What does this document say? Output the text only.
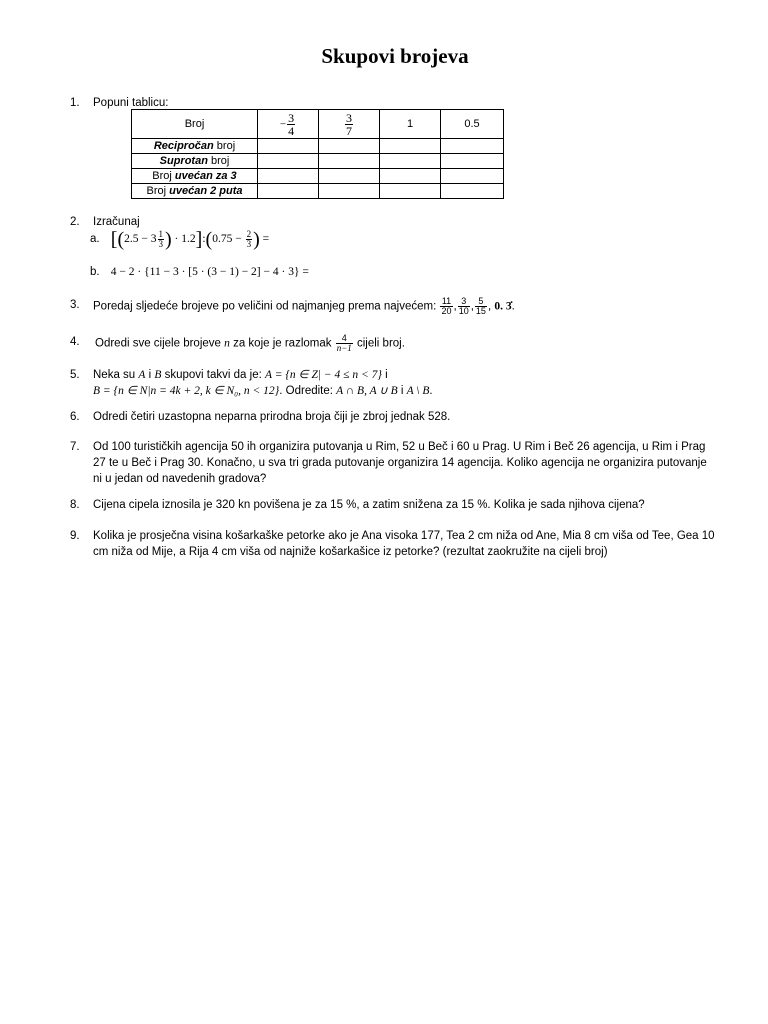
Skupovi brojeva
1. Popuni tablicu:
Broj	− $\frac{3}{4}$	$\frac{3}{7}$	1	0.5
Recipročan broj				
Suprotan broj				
Broj uvećan za 3				
Broj uvećan 2 puta				
2. Izračunaj
a. [($2.5 - 3 \frac{1}{3}$ ) · 1.2]:(0.75 − $\frac{2}{3}$ ) =
b. 4 − 2 · {11 − 3 · [5 · (3 − 1) − 2] − 4 · 3} =
3. Poredaj sljedeće brojeve po veličini od najmanjeg prema najvećem: $\frac{11}{20}$ , $\frac{3}{10}$ , $\frac{5}{15}$ , 0. 3̇.
4. Odredi sve cijele brojeve n za koje je razlomak $\frac{4}{n-1}$ cijeli broj.
5. Neka su A i B skupovi takvi da je: A = {n ∈ Z| − 4 ≤ n < 7} i
B = {n ∈ N|n = 4k + 2, k ∈ N₀, n < 12}. Odredite: A ∩ B, A ∪ B i A \ B.
6. Odredi četiri uzastopna neparna prirodna broja čiji je zbroj jednak 528.
7. Od 100 turističkih agencija 50 ih organizira putovanja u Rim, 52 u Beč i 60 u Prag. U Rim i Beč 26 agencija, u Rim i Prag
27 te u Beč i Prag 30. Konačno, u sva tri grada putovanje organizira 14 agencija. Koliko agencija ne organizira putovanje
ni u jedan od navedenih gradova?
8. Cijena cipela iznosila je 320 kn povišena je za 15 %, a zatim snižena za 15 %. Kolika je sada njihova cijena?
9. Kolika je prosječna visina košarkaške petorke ako je Ana visoka 177, Tea 2 cm niža od Ane, Mia 8 cm viša od Tee, Gea 10
cm niža od Mije, a Rija 4 cm viša od najniže košarkašice iz petorke? (rezultat zaokružite na cijeli broj)
